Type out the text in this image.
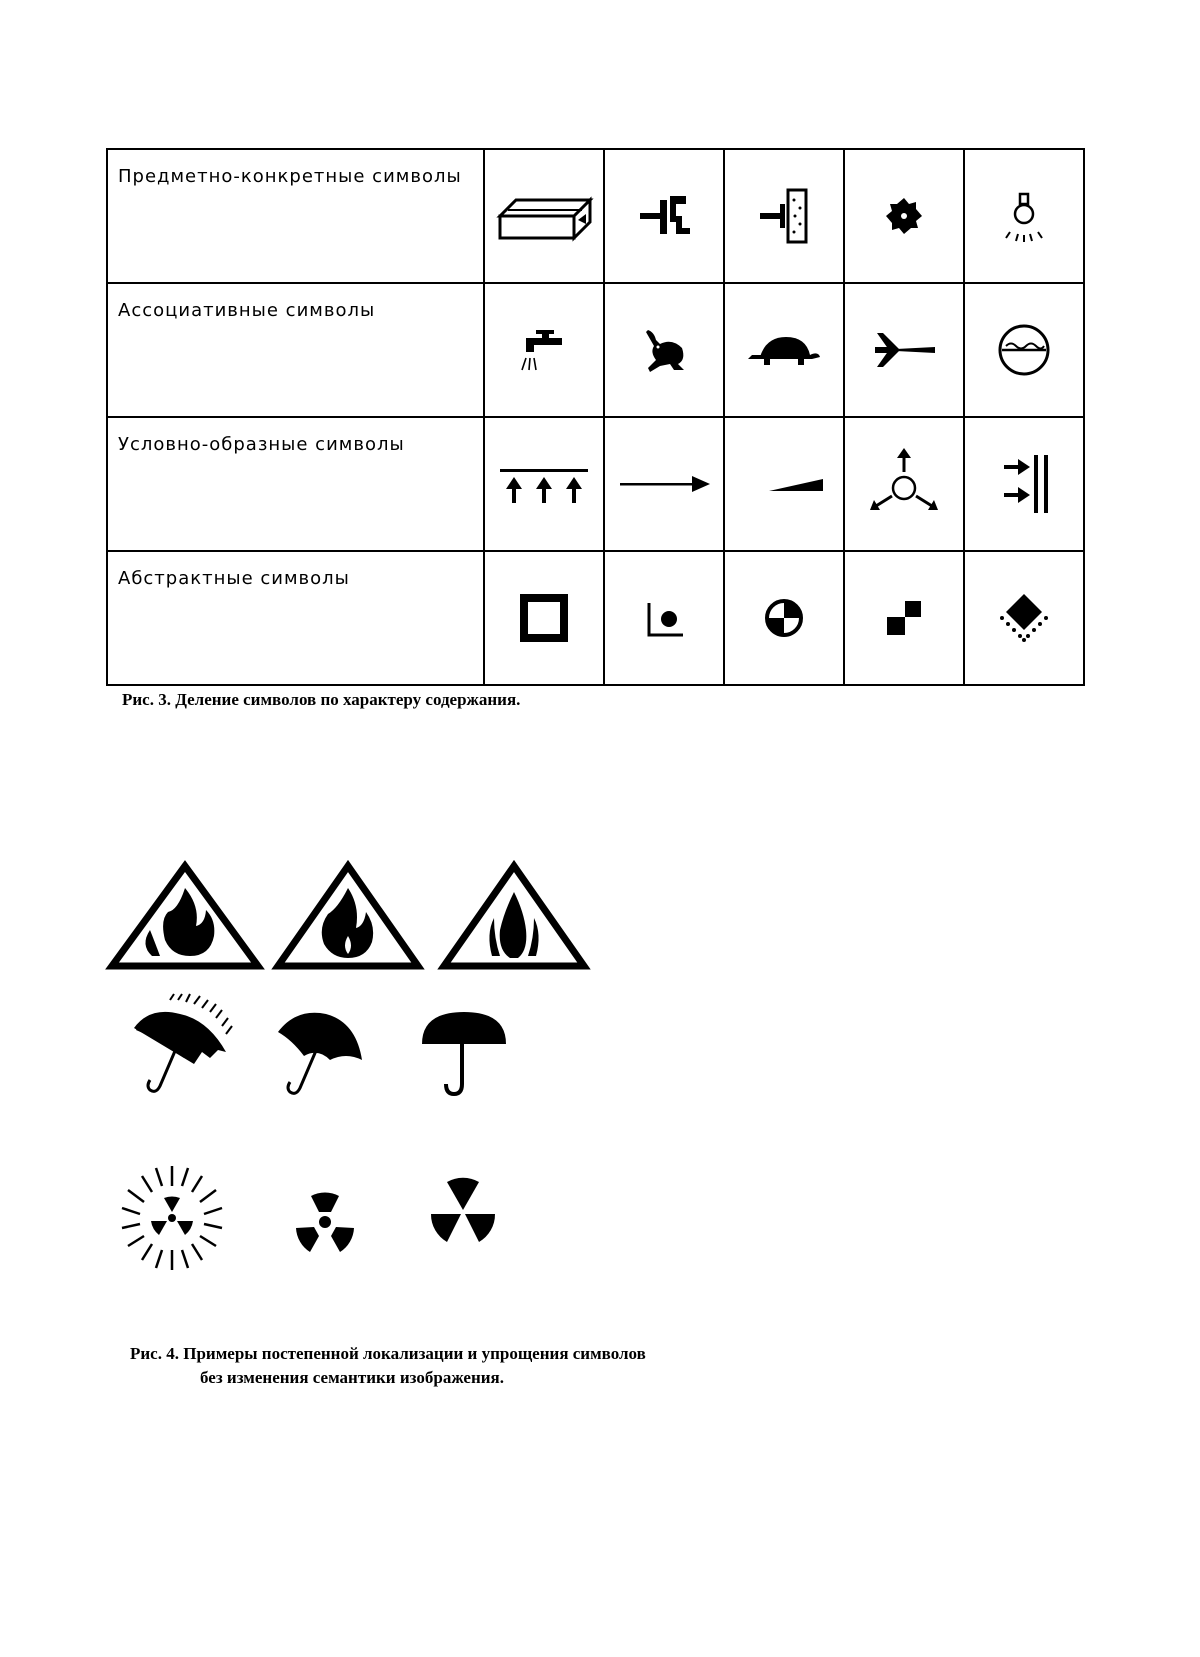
Предметно-конкретные символы	

Ассоциативные символы	

Условно-образные символы	

Абстрактные символы	

Рис. 3. Деление символов по характеру содержания.
Рис. 4. Примеры постепенной локализации и упрощения символов
без изменения семантики изображения.
